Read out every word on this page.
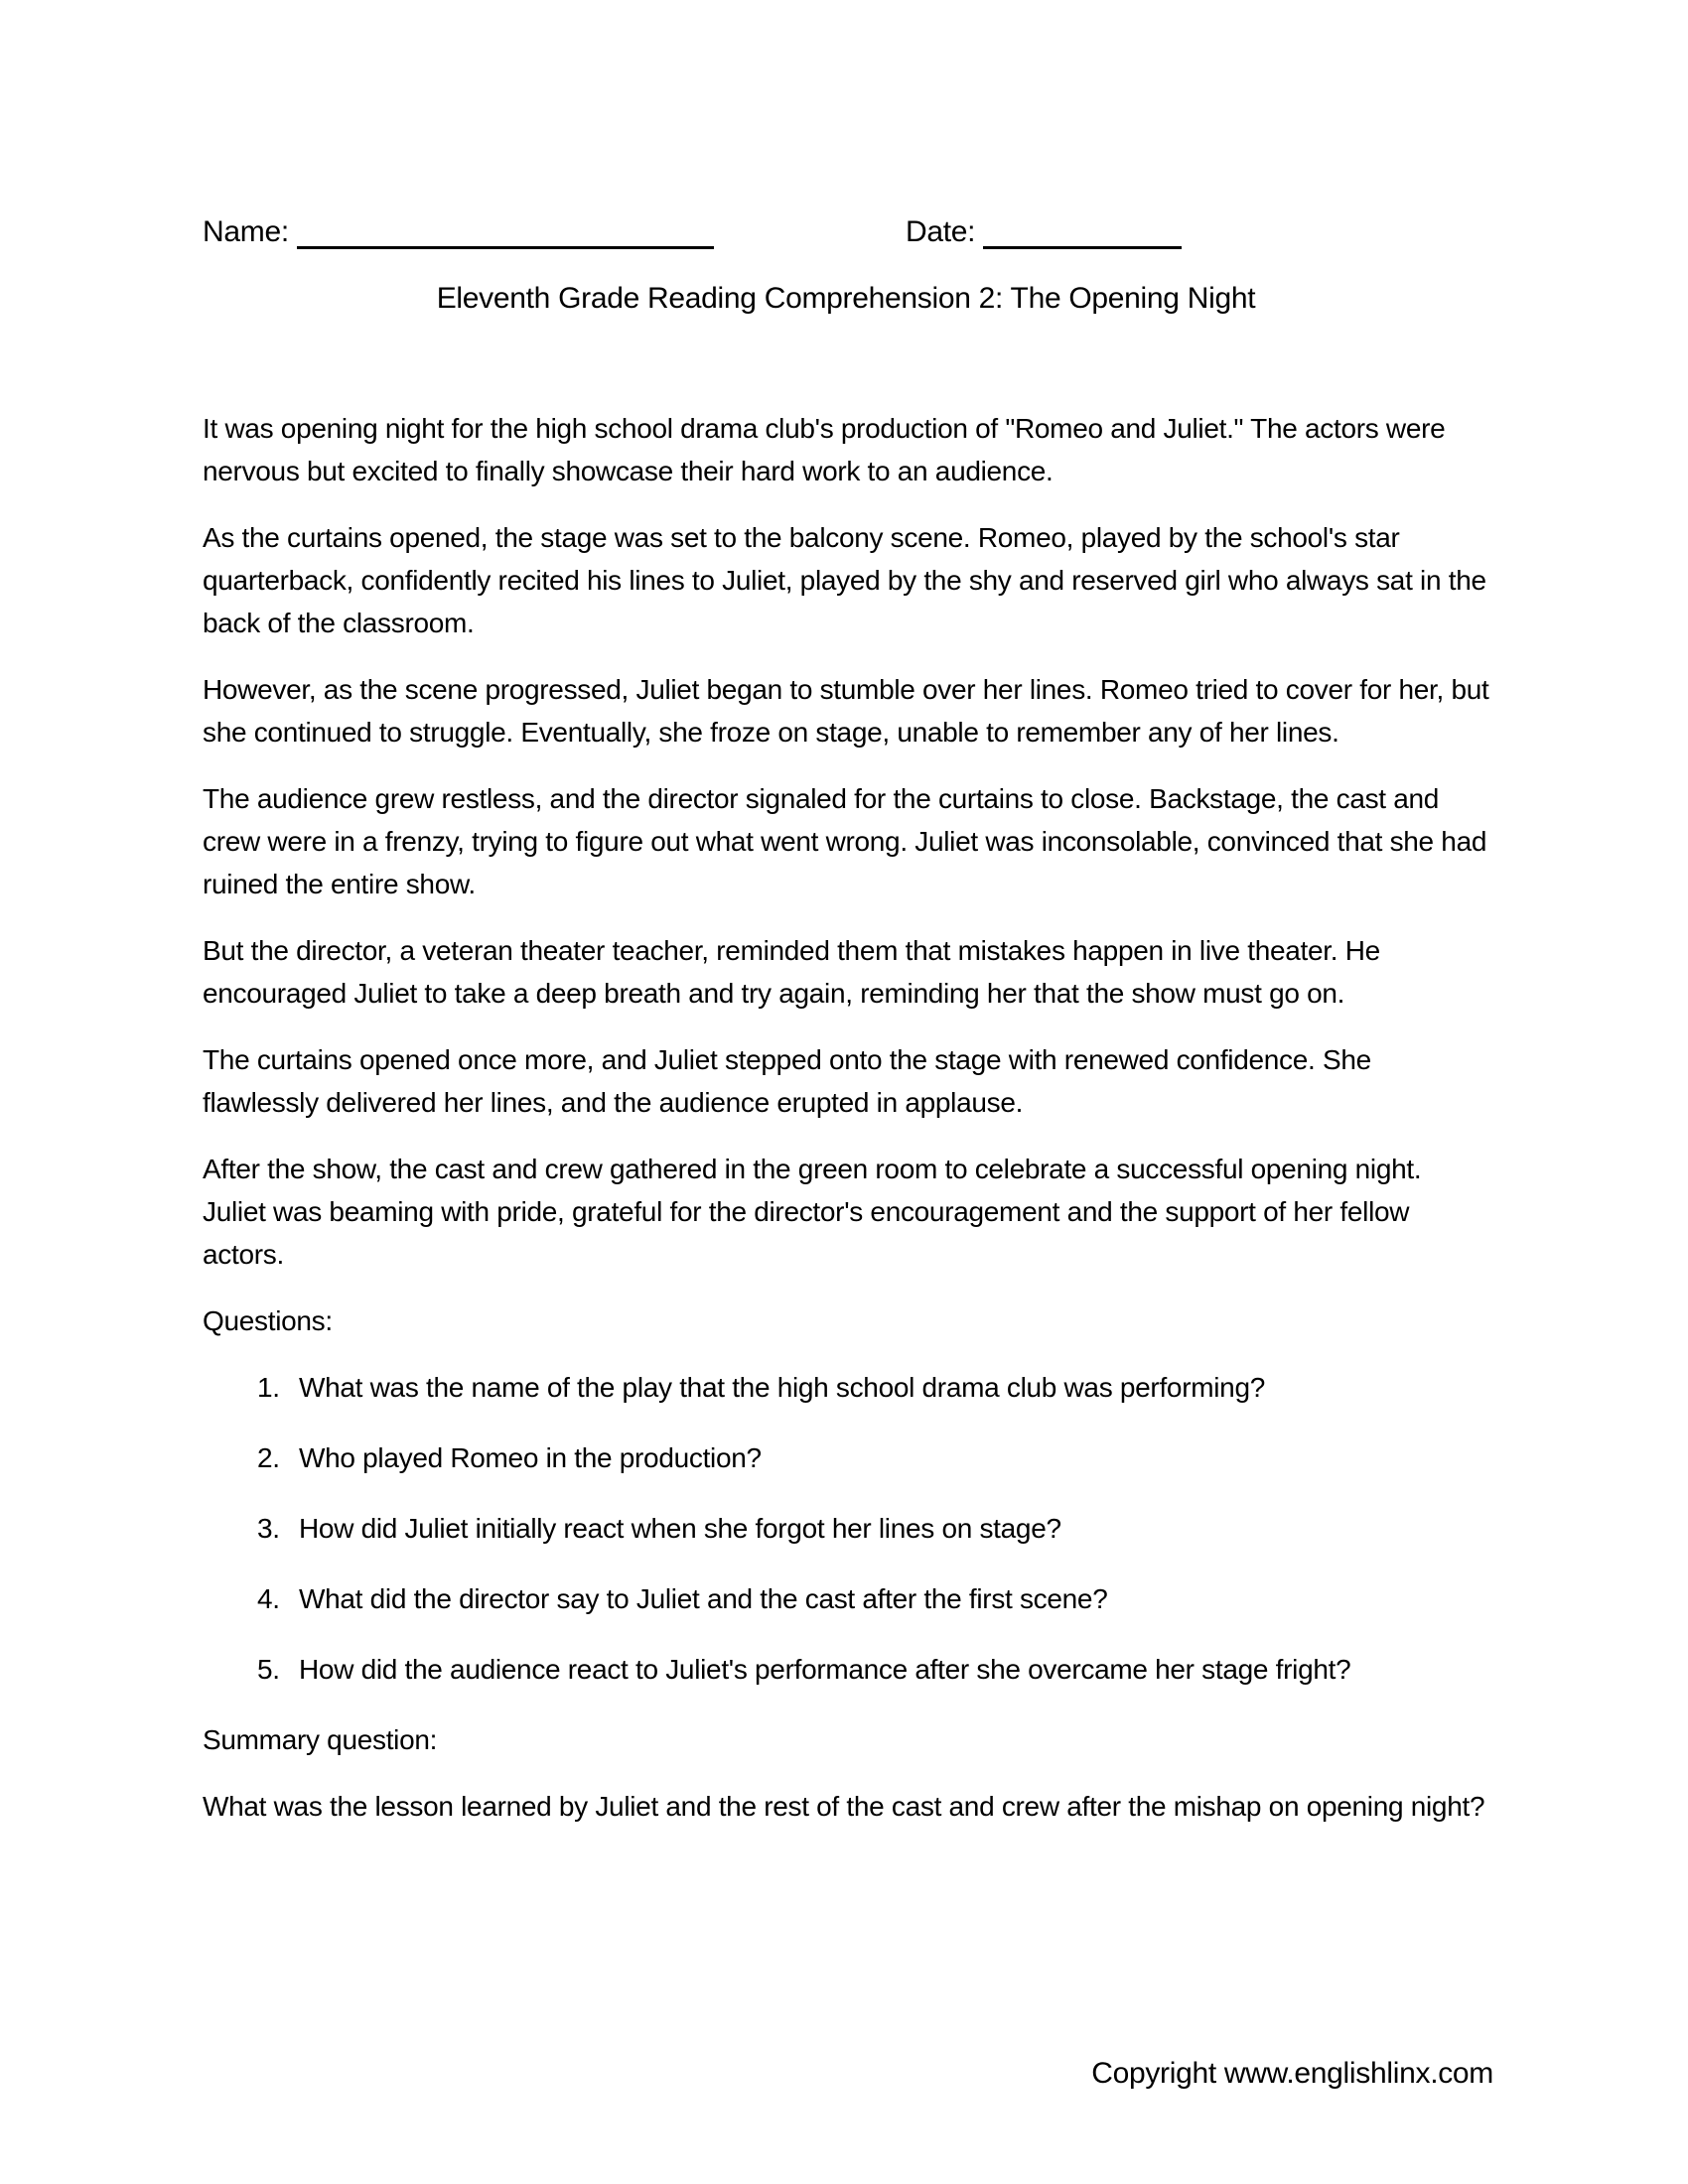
Name:	Date:
Eleventh Grade Reading Comprehension 2: The Opening Night

It was opening night for the high school drama club's production of "Romeo and Juliet." The actors were nervous but excited to finally showcase their hard work to an audience.

As the curtains opened, the stage was set to the balcony scene. Romeo, played by the school's star quarterback, confidently recited his lines to Juliet, played by the shy and reserved girl who always sat in the back of the classroom.

However, as the scene progressed, Juliet began to stumble over her lines. Romeo tried to cover for her, but she continued to struggle. Eventually, she froze on stage, unable to remember any of her lines.

The audience grew restless, and the director signaled for the curtains to close. Backstage, the cast and crew were in a frenzy, trying to figure out what went wrong. Juliet was inconsolable, convinced that she had ruined the entire show.

But the director, a veteran theater teacher, reminded them that mistakes happen in live theater. He encouraged Juliet to take a deep breath and try again, reminding her that the show must go on.

The curtains opened once more, and Juliet stepped onto the stage with renewed confidence. She flawlessly delivered her lines, and the audience erupted in applause.

After the show, the cast and crew gathered in the green room to celebrate a successful opening night. Juliet was beaming with pride, grateful for the director's encouragement and the support of her fellow actors.

Questions:

1. What was the name of the play that the high school drama club was performing?
2. Who played Romeo in the production?
3. How did Juliet initially react when she forgot her lines on stage?
4. What did the director say to Juliet and the cast after the first scene?
5. How did the audience react to Juliet's performance after she overcame her stage fright?

Summary question:

What was the lesson learned by Juliet and the rest of the cast and crew after the mishap on opening night?

Copyright www.englishlinx.com
